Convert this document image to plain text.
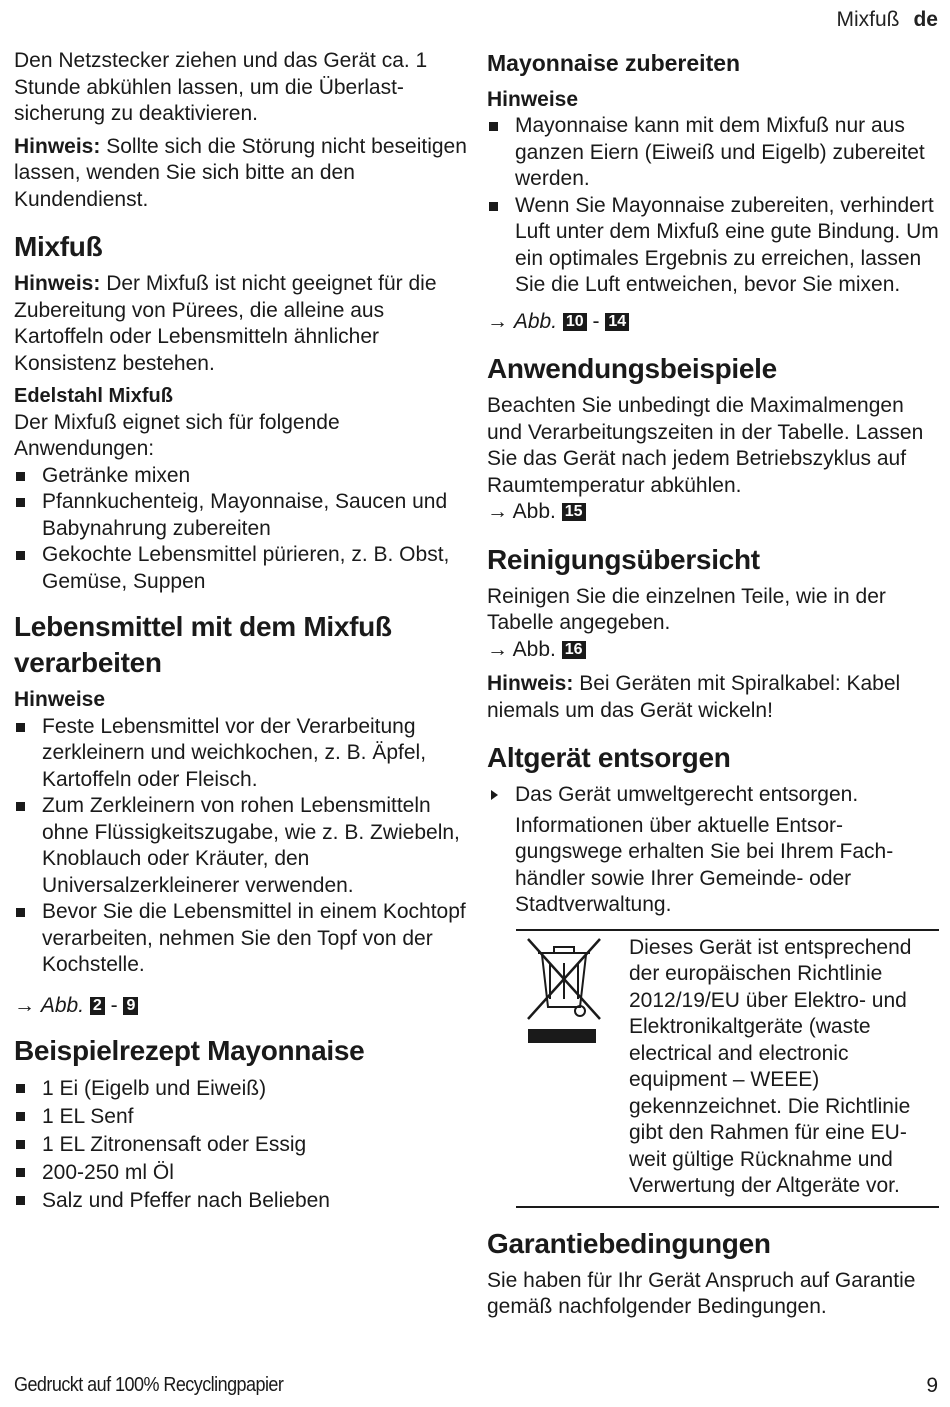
Mixfuß de

Den Netzstecker ziehen und das Gerät ca. 1 Stunde abkühlen lassen, um die Überlastsicherung zu deaktivieren.

Hinweis: Sollte sich die Störung nicht beseitigen lassen, wenden Sie sich bitte an den Kundendienst.

Mixfuß

Hinweis: Der Mixfuß ist nicht geeignet für die Zubereitung von Pürees, die alleine aus Kartoffeln oder Lebensmitteln ähnlicher Konsistenz bestehen.

Edelstahl Mixfuß

Der Mixfuß eignet sich für folgende Anwendungen:

Getränke mixen
Pfannkuchenteig, Mayonnaise, Saucen und Babynahrung zubereiten
Gekochte Lebensmittel pürieren, z. B. Obst, Gemüse, Suppen
Lebensmittel mit dem Mixfuß verarbeiten
Hinweise
Feste Lebensmittel vor der Verarbeitung zerkleinern und weichkochen, z. B. Äpfel, Kartoffeln oder Fleisch.
Zum Zerkleinern von rohen Lebensmitteln ohne Flüssigkeitszugabe, wie z. B. Zwiebeln, Knoblauch oder Kräuter, den Universalzerkleinerer verwenden.
Bevor Sie die Lebensmittel in einem Kochtopf verarbeiten, nehmen Sie den Topf von der Kochstelle.
→ Abb. 2 - 9
Beispielrezept Mayonnaise
1 Ei (Eigelb und Eiweiß)
1 EL Senf
1 EL Zitronensaft oder Essig
200-250 ml Öl
Salz und Pfeffer nach Belieben
Mayonnaise zubereiten
Hinweise
Mayonnaise kann mit dem Mixfuß nur aus ganzen Eiern (Eiweiß und Eigelb) zubereitet werden.
Wenn Sie Mayonnaise zubereiten, verhindert Luft unter dem Mixfuß eine gute Bindung. Um ein optimales Ergebnis zu erreichen, lassen Sie die Luft entweichen, bevor Sie mixen.
→ Abb. 10 - 14
Anwendungsbeispiele

Beachten Sie unbedingt die Maximalmengen und Verarbeitungszeiten in der Tabelle. Lassen Sie das Gerät nach jedem Betriebszyklus auf Raumtemperatur abkühlen.

→ Abb. 15
Reinigungsübersicht

Reinigen Sie die einzelnen Teile, wie in der Tabelle angegeben.

→ Abb. 16

Hinweis: Bei Geräten mit Spiralkabel: Kabel niemals um das Gerät wickeln!

Altgerät entsorgen
Das Gerät umweltgerecht entsorgen.

Informationen über aktuelle Entsorgungswege erhalten Sie bei Ihrem Fachhändler sowie Ihrer Gemeinde- oder Stadtverwaltung.

Dieses Gerät ist entsprechend der europäischen Richtlinie 2012/19/EU über Elektro- und Elektronikaltgeräte (waste electrical and electronic equipment – WEEE) gekennzeichnet. Die Richtlinie gibt den Rahmen für eine EU-weit gültige Rücknahme und Verwertung der Altgeräte vor.
Garantiebedingungen

Sie haben für Ihr Gerät Anspruch auf Garantie gemäß nachfolgender Bedingungen.

Gedruckt auf 100% Recyclingpapier	9
